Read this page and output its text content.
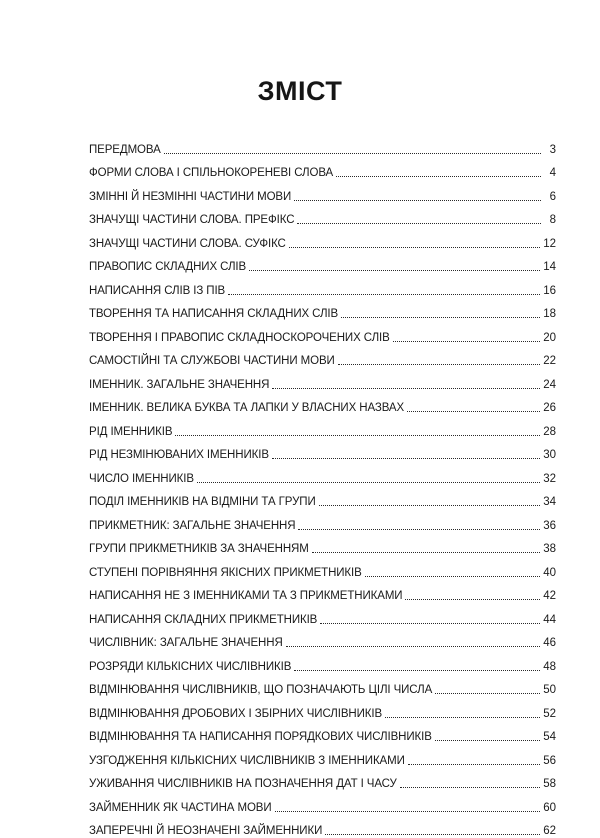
ЗМІСТ
ПЕРЕДМОВА	3
ФОРМИ СЛОВА І СПІЛЬНОКОРЕНЕВІ СЛОВА	4
ЗМІННІ Й НЕЗМІННІ ЧАСТИНИ МОВИ	6
ЗНАЧУЩІ ЧАСТИНИ СЛОВА. ПРЕФІКС	8
ЗНАЧУЩІ ЧАСТИНИ СЛОВА. СУФІКС	12
ПРАВОПИС СКЛАДНИХ СЛІВ	14
НАПИСАННЯ СЛІВ ІЗ ПІВ	16
ТВОРЕННЯ ТА НАПИСАННЯ СКЛАДНИХ СЛІВ	18
ТВОРЕННЯ І ПРАВОПИС СКЛАДНОСКОРОЧЕНИХ СЛІВ	20
САМОСТІЙНІ ТА СЛУЖБОВІ ЧАСТИНИ МОВИ	22
ІМЕННИК. ЗАГАЛЬНЕ ЗНАЧЕННЯ	24
ІМЕННИК. ВЕЛИКА БУКВА ТА ЛАПКИ У ВЛАСНИХ НАЗВАХ	26
РІД ІМЕННИКІВ	28
РІД НЕЗМІНЮВАНИХ ІМЕННИКІВ	30
ЧИСЛО ІМЕННИКІВ	32
ПОДІЛ ІМЕННИКІВ НА ВІДМІНИ ТА ГРУПИ	34
ПРИКМЕТНИК: ЗАГАЛЬНЕ ЗНАЧЕННЯ	36
ГРУПИ ПРИКМЕТНИКІВ ЗА ЗНАЧЕННЯМ	38
СТУПЕНІ ПОРІВНЯННЯ ЯКІСНИХ ПРИКМЕТНИКІВ	40
НАПИСАННЯ НЕ З ІМЕННИКАМИ ТА З ПРИКМЕТНИКАМИ	42
НАПИСАННЯ СКЛАДНИХ ПРИКМЕТНИКІВ	44
ЧИСЛІВНИК: ЗАГАЛЬНЕ ЗНАЧЕННЯ	46
РОЗРЯДИ КІЛЬКІСНИХ ЧИСЛІВНИКІВ	48
ВІДМІНЮВАННЯ ЧИСЛІВНИКІВ, ЩО ПОЗНАЧАЮТЬ ЦІЛІ ЧИСЛА	50
ВІДМІНЮВАННЯ ДРОБОВИХ І ЗБІРНИХ ЧИСЛІВНИКІВ	52
ВІДМІНЮВАННЯ ТА НАПИСАННЯ ПОРЯДКОВИХ ЧИСЛІВНИКІВ	54
УЗГОДЖЕННЯ КІЛЬКІСНИХ ЧИСЛІВНИКІВ З ІМЕННИКАМИ	56
УЖИВАННЯ ЧИСЛІВНИКІВ НА ПОЗНАЧЕННЯ ДАТ І ЧАСУ	58
ЗАЙМЕННИК ЯК ЧАСТИНА МОВИ	60
ЗАПЕРЕЧНІ Й НЕОЗНАЧЕНІ ЗАЙМЕННИКИ	62
